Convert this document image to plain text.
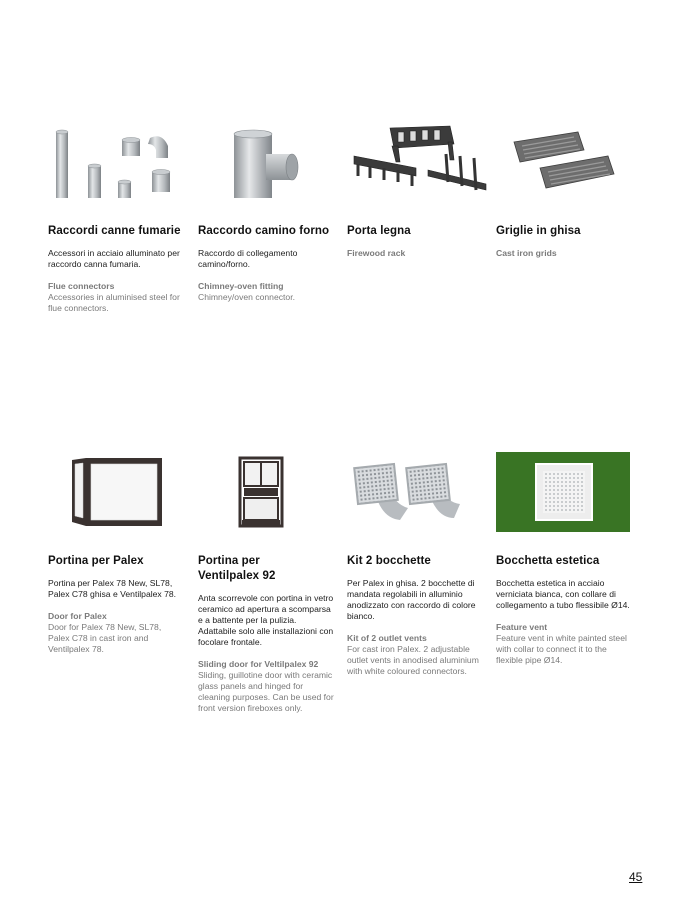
Raccordi canne fumarie
Accessori in acciaio alluminato per raccordo canna fumaria.
Flue connectors
Accessories in aluminised steel for flue connectors.
Raccordo camino forno
Raccordo di collegamento camino/forno.
Chimney-oven fitting
Chimney/oven connector.
Porta legna
Firewood rack
Griglie in ghisa
Cast iron grids
Portina per Palex
Portina per Palex 78 New, SL78, Palex C78 ghisa e Ventilpalex 78.
Door for Palex
Door for Palex 78 New, SL78, Palex C78 in cast iron and Ventilpalex 78.
Portina per Ventilpalex 92
Anta scorrevole con portina in vetro ceramico ad apertura a scomparsa e a battente per la pulizia. Adattabile solo alle installazioni con focolare frontale.
Sliding door for Veltilpalex 92
Sliding, guillotine door with ceramic glass panels and hinged for cleaning purposes. Can be used for front version fireboxes only.
Kit 2 bocchette
Per Palex in ghisa. 2 bocchette di mandata regolabili in alluminio anodizzato con raccordo di colore bianco.
Kit of 2 outlet vents
For cast iron Palex. 2 adjustable outlet vents in anodised aluminium with white coloured connectors.
Bocchetta estetica
Bocchetta estetica in acciaio verniciata bianca, con collare di collegamento a tubo flessibile Ø14.
Feature vent
Feature vent in white painted steel with collar to connect it to the flexible pipe Ø14.
45
